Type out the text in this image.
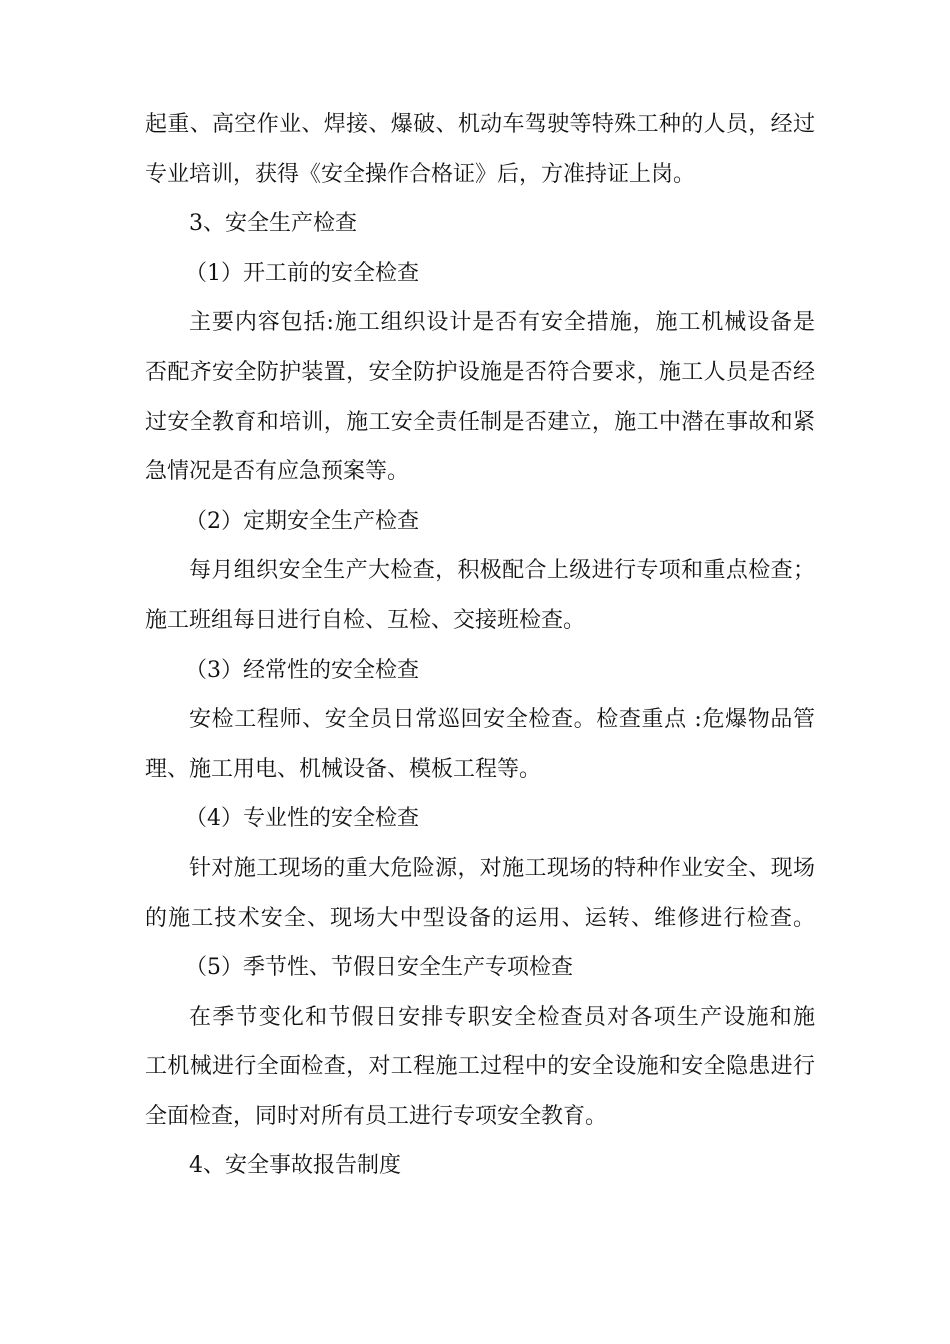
起重、高空作业、焊接、爆破、机动车驾驶等特殊工种的人员，经过
专业培训，获得《安全操作合格证》后，方准持证上岗。
3、安全生产检查
（1）开工前的安全检查
主要内容包括:施工组织设计是否有安全措施，施工机械设备是
否配齐安全防护装置，安全防护设施是否符合要求，施工人员是否经
过安全教育和培训，施工安全责任制是否建立，施工中潜在事故和紧
急情况是否有应急预案等。
（2）定期安全生产检查
每月组织安全生产大检查，积极配合上级进行专项和重点检查；
施工班组每日进行自检、互检、交接班检查。
（3）经常性的安全检查
安检工程师、安全员日常巡回安全检查。检查重点 :危爆物品管
理、施工用电、机械设备、模板工程等。
（4）专业性的安全检查
针对施工现场的重大危险源，对施工现场的特种作业安全、现场
的施工技术安全、现场大中型设备的运用、运转、维修进行检查。
（5）季节性、节假日安全生产专项检查
在季节变化和节假日安排专职安全检查员对各项生产设施和施
工机械进行全面检查，对工程施工过程中的安全设施和安全隐患进行
全面检查，同时对所有员工进行专项安全教育。
4、安全事故报告制度
